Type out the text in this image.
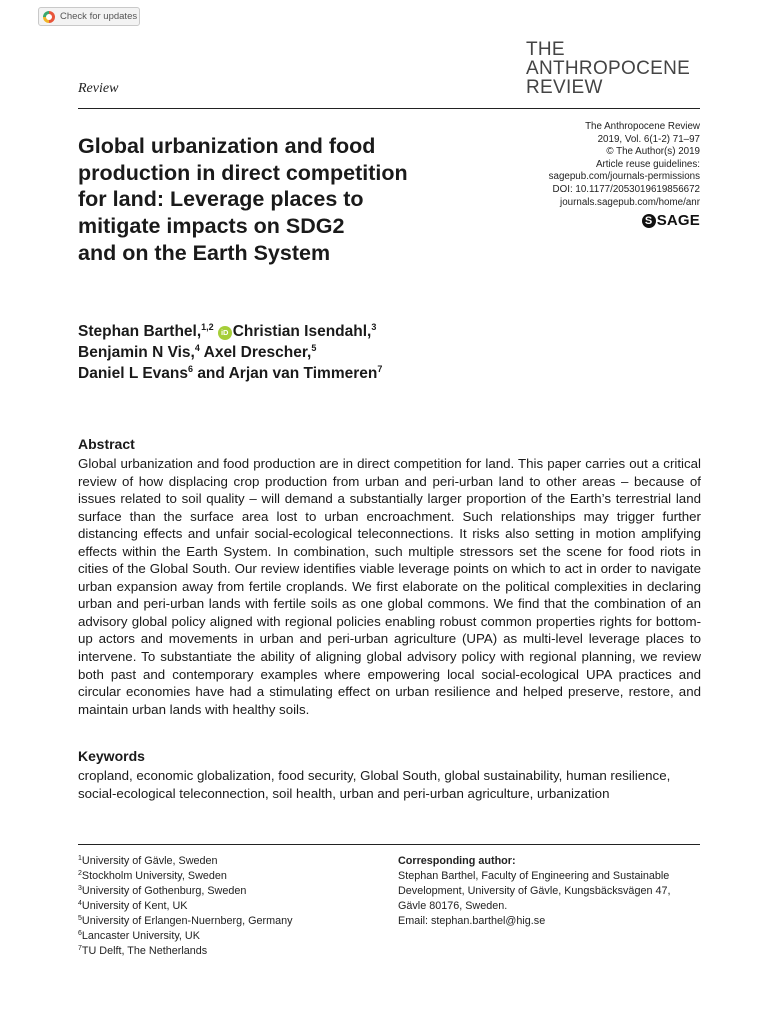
Check for updates
THE
ANTHROPOCENE
REVIEW
Review
Global urbanization and food
production in direct competition
for land: Leverage places to
mitigate impacts on SDG2
and on the Earth System
The Anthropocene Review
2019, Vol. 6(1-2) 71–97
© The Author(s) 2019
Article reuse guidelines:
sagepub.com/journals-permissions
DOI: 10.1177/2053019619856672
journals.sagepub.com/home/anr
S SAGE
Stephan Barthel,$^{1,2}$iD Christian Isendahl,$^3$
Benjamin N Vis,$^4$ Axel Drescher,$^5$
Daniel L Evans$^6$ and Arjan van Timmeren$^7$
Abstract
Global urbanization and food production are in direct competition for land. This paper carries out a critical review of how displacing crop production from urban and peri-urban land to other areas – because of issues related to soil quality – will demand a substantially larger proportion of the Earth’s terrestrial land surface than the surface area lost to urban encroachment. Such relationships may trigger further distancing effects and unfair social-ecological teleconnections. It risks also setting in motion amplifying effects within the Earth System. In combination, such multiple stressors set the scene for food riots in cities of the Global South. Our review identifies viable leverage points on which to act in order to navigate urban expansion away from fertile croplands. We first elaborate on the political complexities in declaring urban and peri-urban lands with fertile soils as one global commons. We find that the combination of an advisory global policy aligned with regional policies enabling robust common properties rights for bottom-up actors and movements in urban and peri-urban agriculture (UPA) as multi-level leverage places to intervene. To substantiate the ability of aligning global advisory policy with regional planning, we review both past and contemporary examples where empowering local social-ecological UPA practices and circular economies have had a stimulating effect on urban resilience and helped preserve, restore, and maintain urban lands with healthy soils.
Keywords
cropland, economic globalization, food security, Global South, global sustainability, human resilience, social-ecological teleconnection, soil health, urban and peri-urban agriculture, urbanization
$^1$University of Gävle, Sweden
$^2$Stockholm University, Sweden
$^3$University of Gothenburg, Sweden
$^4$University of Kent, UK
$^5$University of Erlangen-Nuernberg, Germany
$^6$Lancaster University, UK
$^7$TU Delft, The Netherlands
Corresponding author:
Stephan Barthel, Faculty of Engineering and Sustainable
Development, University of Gävle, Kungsbäcksvägen 47,
Gävle 80176, Sweden.
Email: stephan.barthel@hig.se
